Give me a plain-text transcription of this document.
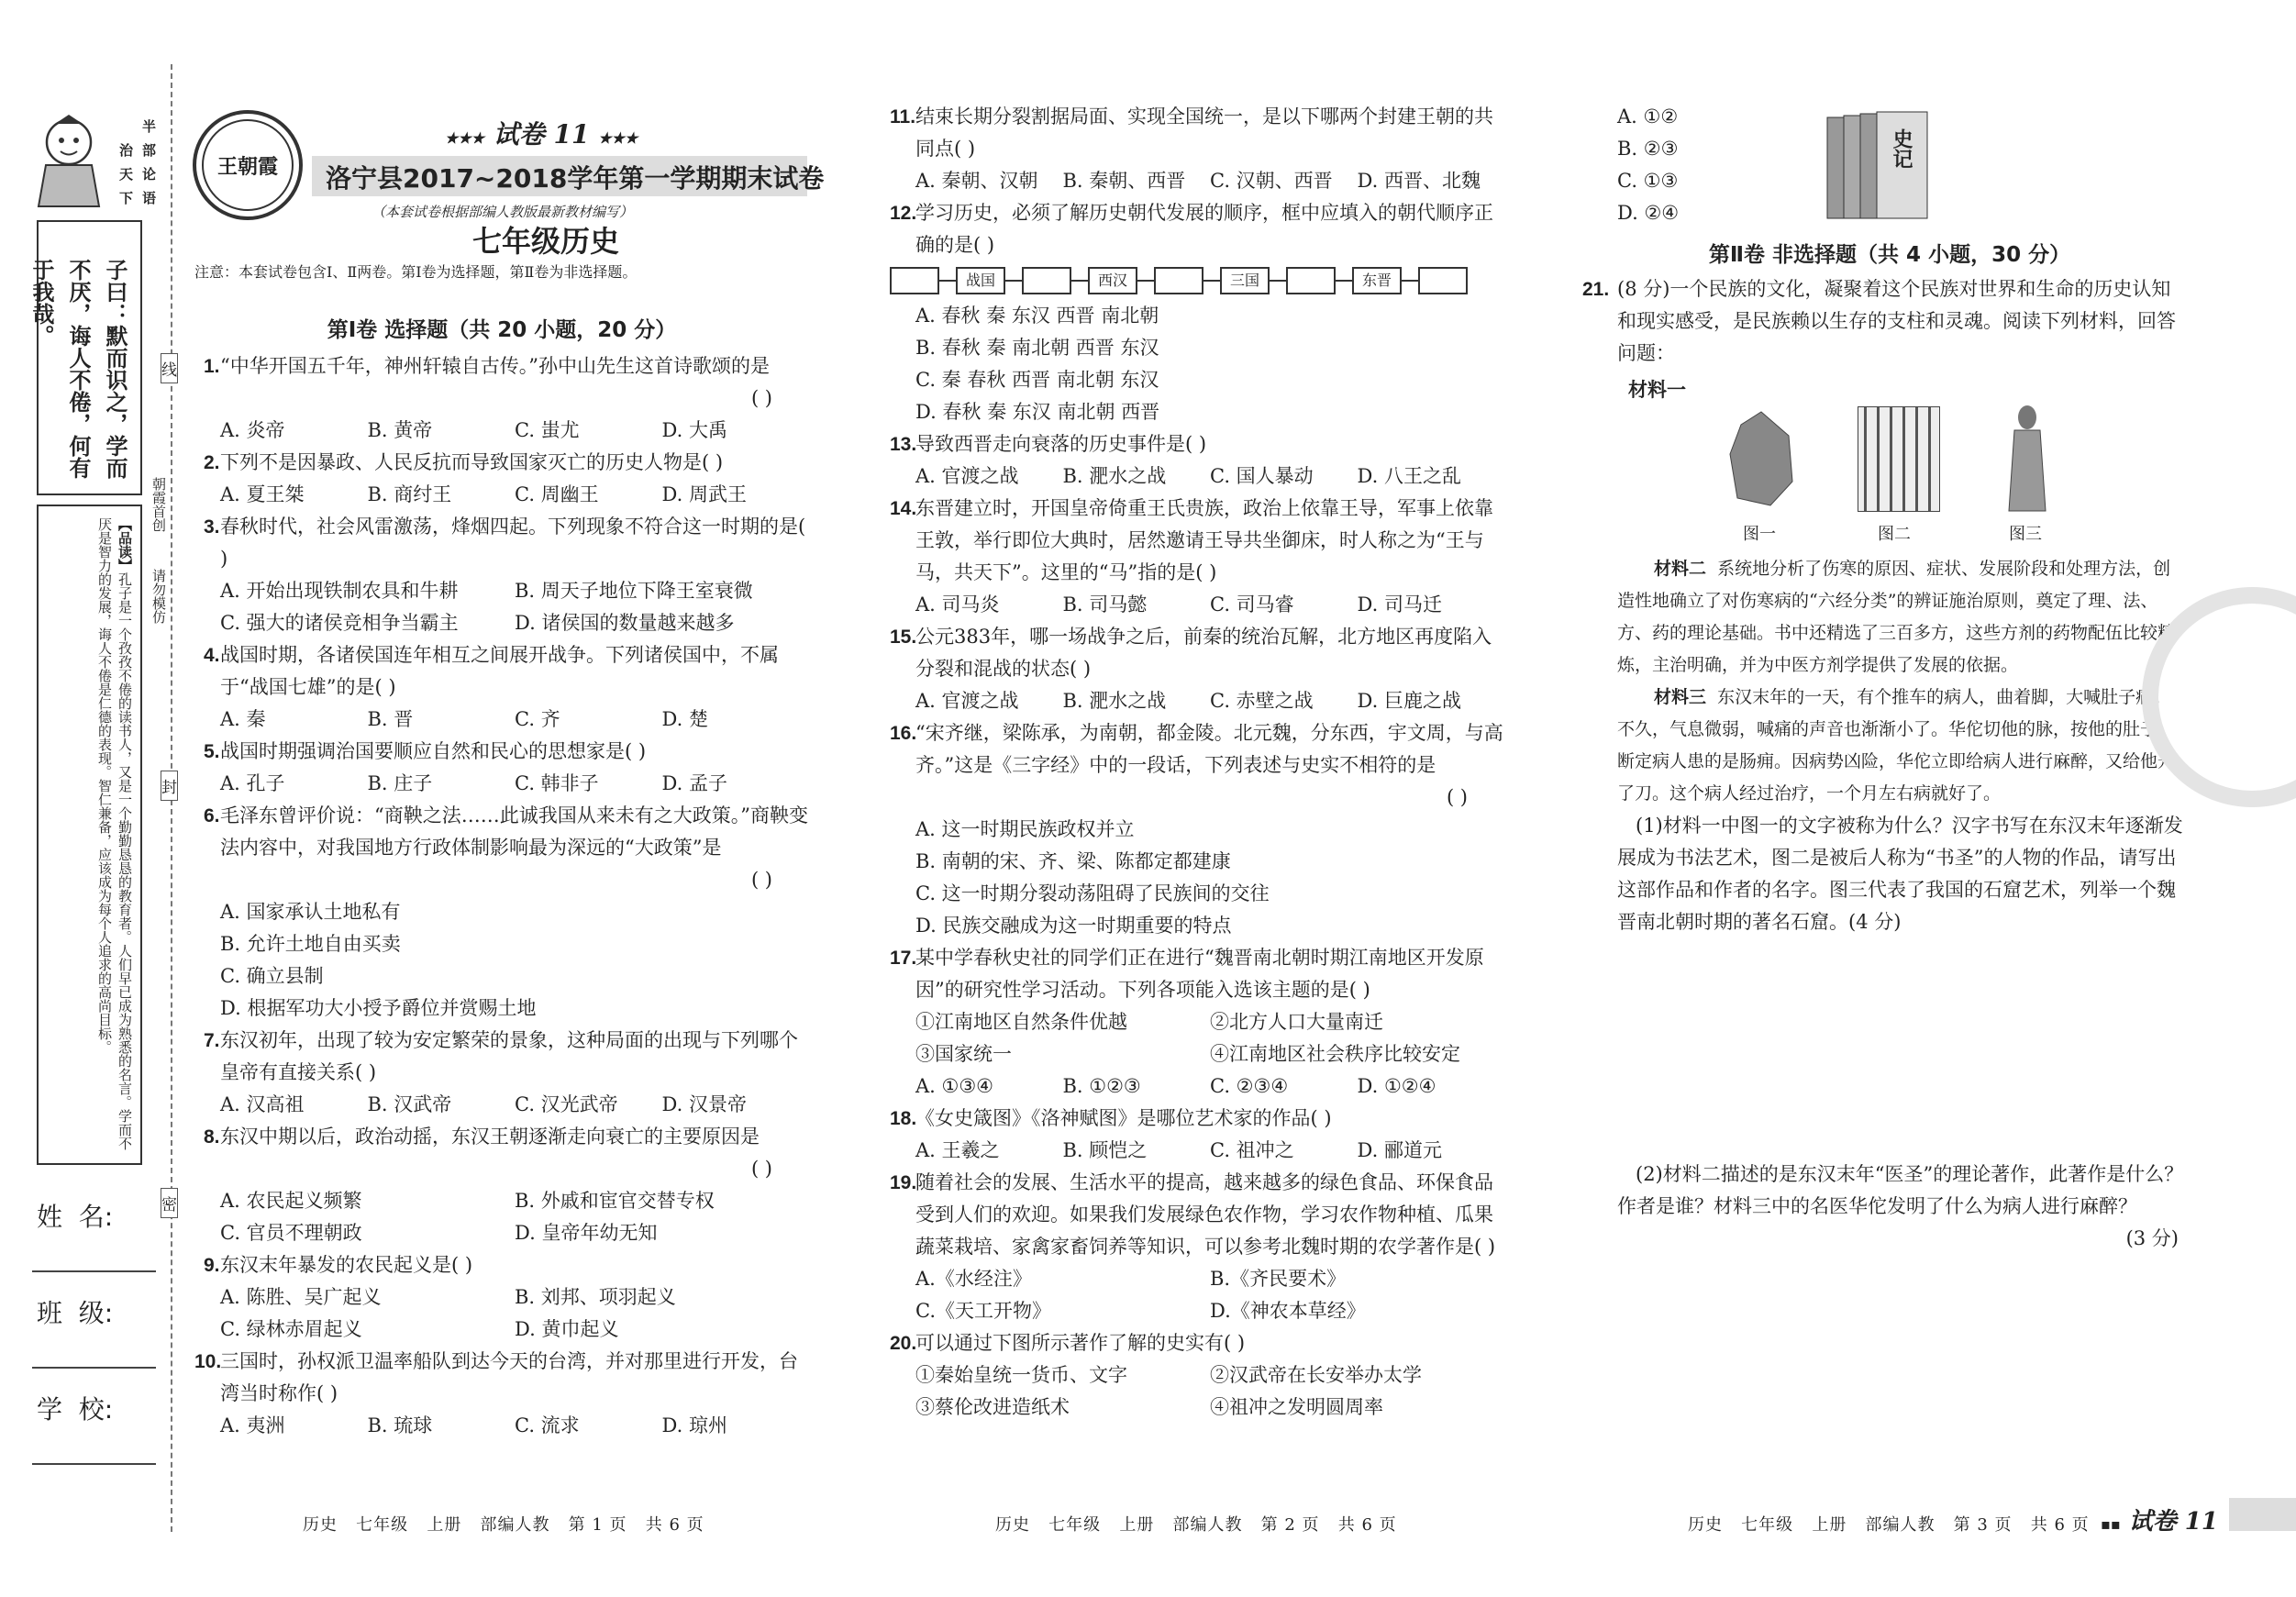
半
部
论
语
治
天
下
子曰：默而识之，学而不厌，诲人不倦，何有于我哉。
朝霞首创
请勿模仿
【品读】孔子是一个孜孜不倦的读书人，又是一个勤勤恳恳的教育者。人们早已成为熟悉的名言。学而不厌是智力的发展，诲人不倦是仁德的表现。智仁兼备，应该成为每个人追求的高尚目标。
线
封
密
姓  名:
班  级:
学  校:
王朝霞
★★★ 试卷 11 ★★★
洛宁县2017~2018学年第一学期期末试卷
（本套试卷根据部编人教版最新教材编写）
七年级历史
注意：本套试卷包含Ⅰ、Ⅱ两卷。第Ⅰ卷为选择题，第Ⅱ卷为非选择题。
第Ⅰ卷 选择题（共 20 小题，20 分）
1. “中华开国五千年，神州轩辕自古传。”孙中山先生这首诗歌颂的是
( )
A. 炎帝	B. 黄帝	C. 蚩尤	D. 大禹
2. 下列不是因暴政、人民反抗而导致国家灭亡的历史人物是( )
A. 夏王桀	B. 商纣王	C. 周幽王	D. 周武王
3. 春秋时代，社会风雷激荡，烽烟四起。下列现象不符合这一时期的是( )
A. 开始出现铁制农具和牛耕	B. 周天子地位下降王室衰微
C. 强大的诸侯竞相争当霸主	D. 诸侯国的数量越来越多
4. 战国时期，各诸侯国连年相互之间展开战争。下列诸侯国中，不属于“战国七雄”的是( )
A. 秦	B. 晋	C. 齐	D. 楚
5. 战国时期强调治国要顺应自然和民心的思想家是( )
A. 孔子	B. 庄子	C. 韩非子	D. 孟子
6. 毛泽东曾评价说：“商鞅之法……此诚我国从来未有之大政策。”商鞅变法内容中，对我国地方行政体制影响最为深远的“大政策”是
( )
A. 国家承认土地私有
B. 允许土地自由买卖
C. 确立县制
D. 根据军功大小授予爵位并赏赐土地
7. 东汉初年，出现了较为安定繁荣的景象，这种局面的出现与下列哪个皇帝有直接关系( )
A. 汉高祖	B. 汉武帝	C. 汉光武帝	D. 汉景帝
8. 东汉中期以后，政治动摇，东汉王朝逐渐走向衰亡的主要原因是
( )
A. 农民起义频繁	B. 外戚和宦官交替专权
C. 官员不理朝政	D. 皇帝年幼无知
9. 东汉末年暴发的农民起义是( )
A. 陈胜、吴广起义	B. 刘邦、项羽起义
C. 绿林赤眉起义	D. 黄巾起义
10.
三国时，孙权派卫温率船队到达今天的台湾，并对那里进行开发，台湾当时称作( )
A. 夷洲	B. 琉球	C. 流求	D. 琼州
11. 结束长期分裂割据局面、实现全国统一，是以下哪两个封建王朝的共同点( )
A. 秦朝、汉朝	B. 秦朝、西晋	C. 汉朝、西晋	D. 西晋、北魏
12.
学习历史，必须了解历史朝代发展的顺序，框中应填入的朝代顺序正确的是( )
战国	西汉	三国	东晋
A. 春秋 秦 东汉 西晋 南北朝
B. 春秋 秦 南北朝 西晋 东汉
C. 秦 春秋 西晋 南北朝 东汉
D. 春秋 秦 东汉 南北朝 西晋
13.
导致西晋走向衰落的历史事件是( )
A. 官渡之战	B. 淝水之战	C. 国人暴动	D. 八王之乱
14.
东晋建立时，开国皇帝倚重王氏贵族，政治上依靠王导，军事上依靠王敦，举行即位大典时，居然邀请王导共坐御床，时人称之为“王与马，共天下”。这里的“马”指的是( )
A. 司马炎	B. 司马懿	C. 司马睿	D. 司马迁
15.
公元383年，哪一场战争之后，前秦的统治瓦解，北方地区再度陷入分裂和混战的状态( )
A. 官渡之战	B. 淝水之战	C. 赤壁之战	D. 巨鹿之战
16.
“宋齐继，梁陈承，为南朝，都金陵。北元魏，分东西，宇文周，与高齐。”这是《三字经》中的一段话，下列表述与史实不相符的是
( )
A. 这一时期民族政权并立
B. 南朝的宋、齐、梁、陈都定都建康
C. 这一时期分裂动荡阻碍了民族间的交往
D. 民族交融成为这一时期重要的特点
17.
某中学春秋史社的同学们正在进行“魏晋南北朝时期江南地区开发原因”的研究性学习活动。下列各项能入选该主题的是( )
①江南地区自然条件优越	②北方人口大量南迁
③国家统一	④江南地区社会秩序比较安定
A. ①③④	B. ①②③	C. ②③④	D. ①②④
18.
《女史箴图》《洛神赋图》是哪位艺术家的作品( )
A. 王羲之	B. 顾恺之	C. 祖冲之	D. 郦道元
19.
随着社会的发展、生活水平的提高，越来越多的绿色食品、环保食品受到人们的欢迎。如果我们发展绿色农作物，学习农作物种植、瓜果蔬菜栽培、家禽家畜饲养等知识，可以参考北魏时期的农学著作是( )
A.《水经注》	B.《齐民要术》
C.《天工开物》	D.《神农本草经》
20.
可以通过下图所示著作了解的史实有( )
①秦始皇统一货币、文字	②汉武帝在长安举办太学
③蔡伦改进造纸术	④祖冲之发明圆周率
A. ①②
B. ②③
C. ①③
D. ②④
史记
第Ⅱ卷 非选择题（共 4 小题，30 分）
21. (8 分)一个民族的文化，凝聚着这个民族对世界和生命的历史认知和现实感受，是民族赖以生存的支柱和灵魂。阅读下列材料，回答问题：
材料一
图一	图二	图三
材料二 系统地分析了伤寒的原因、症状、发展阶段和处理方法，创造性地确立了对伤寒病的“六经分类”的辨证施治原则，奠定了理、法、方、药的理论基础。书中还精选了三百多方，这些方剂的药物配伍比较精炼，主治明确，并为中医方剂学提供了发展的依据。
材料三 东汉末年的一天，有个推车的病人，曲着脚，大喊肚子痛。不久，气息微弱，喊痛的声音也渐渐小了。华佗切他的脉，按他的肚子，断定病人患的是肠痈。因病势凶险，华佗立即给病人进行麻醉，又给他开了刀。这个病人经过治疗，一个月左右病就好了。
(1)材料一中图一的文字被称为什么？汉字书写在东汉末年逐渐发展成为书法艺术，图二是被后人称为“书圣”的人物的作品，请写出这部作品和作者的名字。图三代表了我国的石窟艺术，列举一个魏晋南北朝时期的著名石窟。(4 分)
(2)材料二描述的是东汉末年“医圣”的理论著作，此著作是什么？作者是谁？材料三中的名医华佗发明了什么为病人进行麻醉？
(3 分)
历史   七年级   上册   部编人教   第 1 页   共 6 页	历史   七年级   上册   部编人教   第 2 页   共 6 页	历史   七年级   上册   部编人教   第 3 页   共 6 页 ▪▪ 试卷 11
